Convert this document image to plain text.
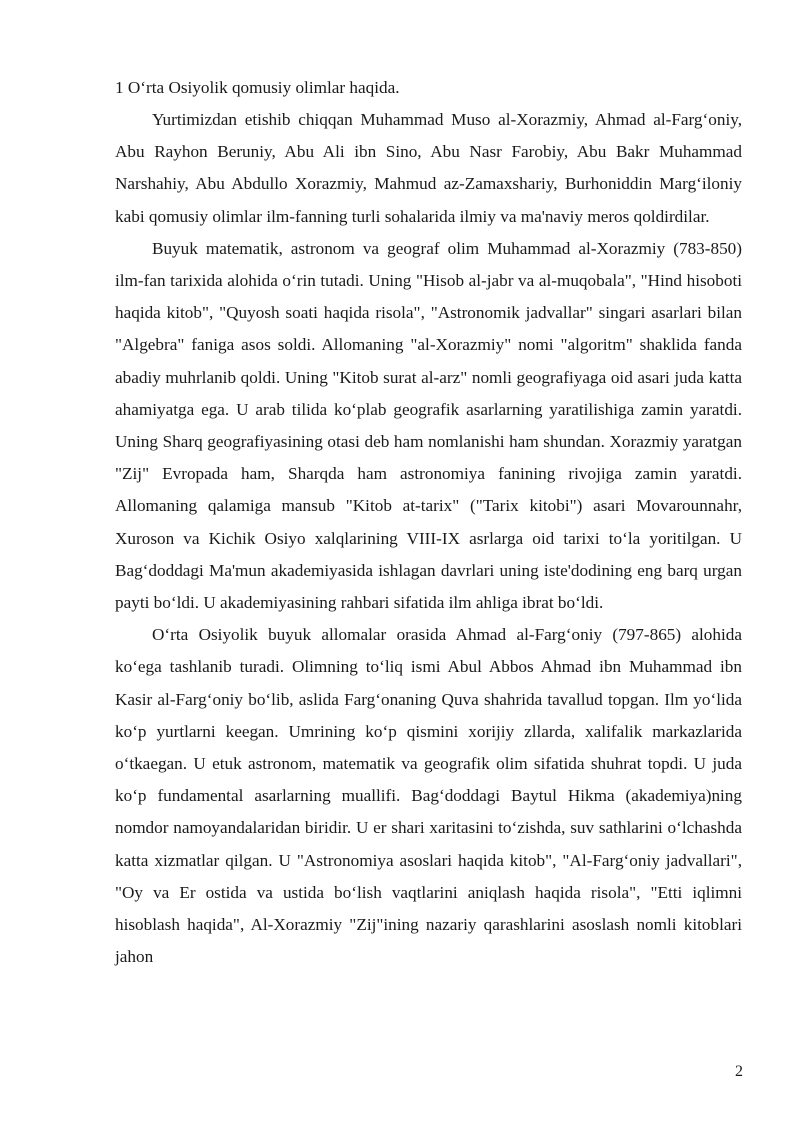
1 O‘rta Osiyolik qomusiy olimlar haqida.

Yurtimizdan etishib chiqqan Muhammad Muso al-Xorazmiy, Ahmad al-Farg‘oniy, Abu Rayhon Beruniy, Abu Ali ibn Sino, Abu Nasr Farobiy, Abu Bakr Muhammad Narshahiy, Abu Abdullo Xorazmiy, Mahmud az-Zamaxshariy, Burhoniddin Marg‘iloniy kabi qomusiy olimlar ilm-fanning turli sohalarida ilmiy va ma'naviy meros qoldirdilar.

Buyuk matematik, astronom va geograf olim Muhammad al-Xorazmiy (783-850) ilm-fan tarixida alohida o‘rin tutadi. Uning "Hisob al-jabr va al-muqobala", "Hind hisoboti haqida kitob", "Quyosh soati haqida risola", "Astronomik jadvallar" singari asarlari bilan "Algebra" faniga asos soldi. Allomaning "al-Xorazmiy" nomi "algoritm" shaklida fanda abadiy muhrlanib qoldi. Uning "Kitob surat al-arz" nomli geografiyaga oid asari juda katta ahamiyatga ega. U arab tilida ko‘plab geografik asarlarning yaratilishiga zamin yaratdi. Uning Sharq geografiyasining otasi deb ham nomlanishi ham shundan. Xorazmiy yaratgan "Zij" Evropada ham, Sharqda ham astronomiya fanining rivojiga zamin yaratdi. Allomaning qalamiga mansub "Kitob at-tarix" ("Tarix kitobi") asari Movarounnahr, Xuroson va Kichik Osiyo xalqlarining VIII-IX asrlarga oid tarixi to‘la yoritilgan. U Bag‘doddagi Ma'mun akademiyasida ishlagan davrlari uning iste'dodining eng barq urgan payti bo‘ldi. U akademiyasining rahbari sifatida ilm ahliga ibrat bo‘ldi.

O‘rta Osiyolik buyuk allomalar orasida Ahmad al-Farg‘oniy (797-865) alohida ko‘ega tashlanib turadi. Olimning to‘liq ismi Abul Abbos Ahmad ibn Muhammad ibn Kasir al-Farg‘oniy bo‘lib, aslida Farg‘onaning Quva shahrida tavallud topgan. Ilm yo‘lida ko‘p yurtlarni keegan. Umrining ko‘p qismini xorijiy zllarda, xalifalik markazlarida o‘tkaegan. U etuk astronom, matematik va geografik olim sifatida shuhrat topdi. U juda ko‘p fundamental asarlarning muallifi. Bag‘doddagi Baytul Hikma (akademiya)ning nomdor namoyandalaridan biridir. U er shari xaritasini to‘zishda, suv sathlarini o‘lchashda katta xizmatlar qilgan. U "Astronomiya asoslari haqida kitob", "Al-Farg‘oniy jadvallari", "Oy va Er ostida va ustida bo‘lish vaqtlarini aniqlash haqida risola", "Etti iqlimni hisoblash haqida", Al-Xorazmiy "Zij"ining nazariy qarashlarini asoslash nomli kitoblari jahon

2
